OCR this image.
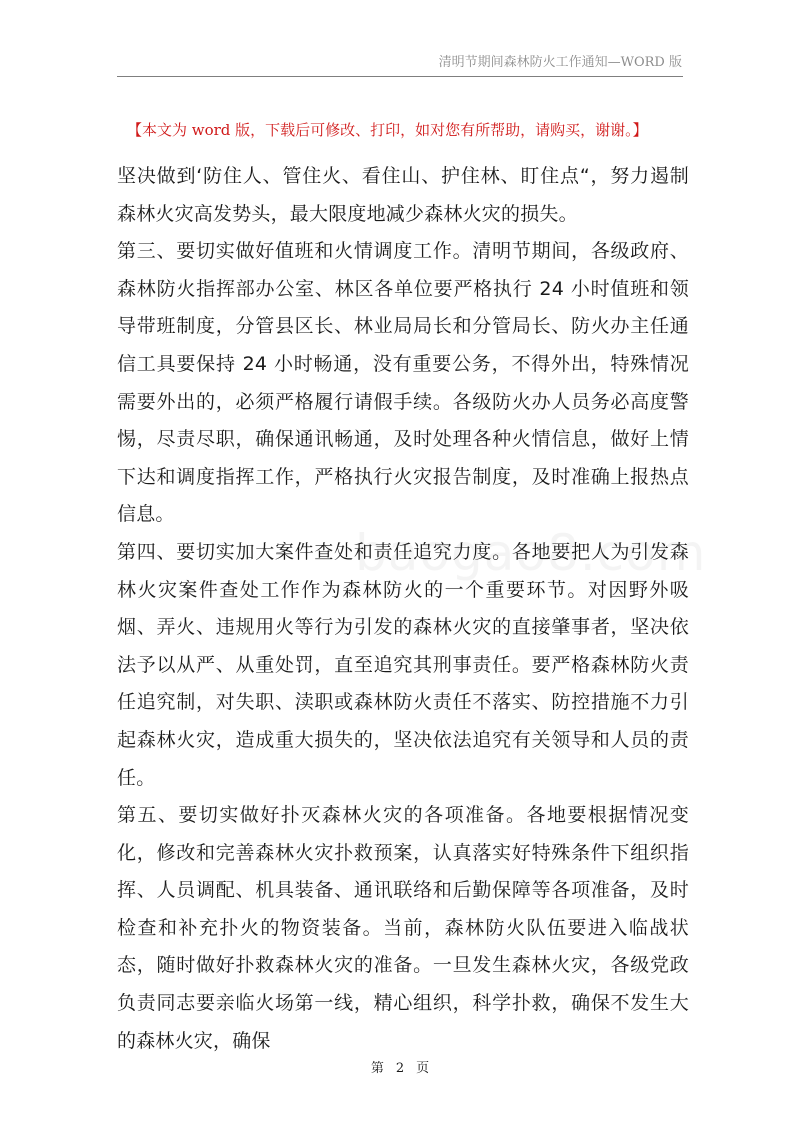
清明节期间森林防火工作通知—WORD 版
【本文为 word 版，下载后可修改、打印，如对您有所帮助，请购买，谢谢。】

坚决做到‘防住人、管住火、看住山、护住林、盯住点“，努力遏制森林火灾高发势头，最大限度地减少森林火灾的损失。

第三、要切实做好值班和火情调度工作。清明节期间，各级政府、森林防火指挥部办公室、林区各单位要严格执行 24 小时值班和领导带班制度，分管县区长、林业局局长和分管局长、防火办主任通信工具要保持 24 小时畅通，没有重要公务，不得外出，特殊情况需要外出的，必须严格履行请假手续。各级防火办人员务必高度警惕，尽责尽职，确保通讯畅通，及时处理各种火情信息，做好上情下达和调度指挥工作，严格执行火灾报告制度，及时准确上报热点信息。

第四、要切实加大案件查处和责任追究力度。各地要把人为引发森林火灾案件查处工作作为森林防火的一个重要环节。对因野外吸烟、弄火、违规用火等行为引发的森林火灾的直接肇事者，坚决依法予以从严、从重处罚，直至追究其刑事责任。要严格森林防火责任追究制，对失职、渎职或森林防火责任不落实、防控措施不力引起森林火灾，造成重大损失的，坚决依法追究有关领导和人员的责任。

第五、要切实做好扑灭森林火灾的各项准备。各地要根据情况变化，修改和完善森林火灾扑救预案，认真落实好特殊条件下组织指挥、人员调配、机具装备、通讯联络和后勤保障等各项准备，及时检查和补充扑火的物资装备。当前，森林防火队伍要进入临战状态，随时做好扑救森林火灾的准备。一旦发生森林火灾，各级党政负责同志要亲临火场第一线，精心组织，科学扑救，确保不发生大的森林火灾，确保

第 2 页
